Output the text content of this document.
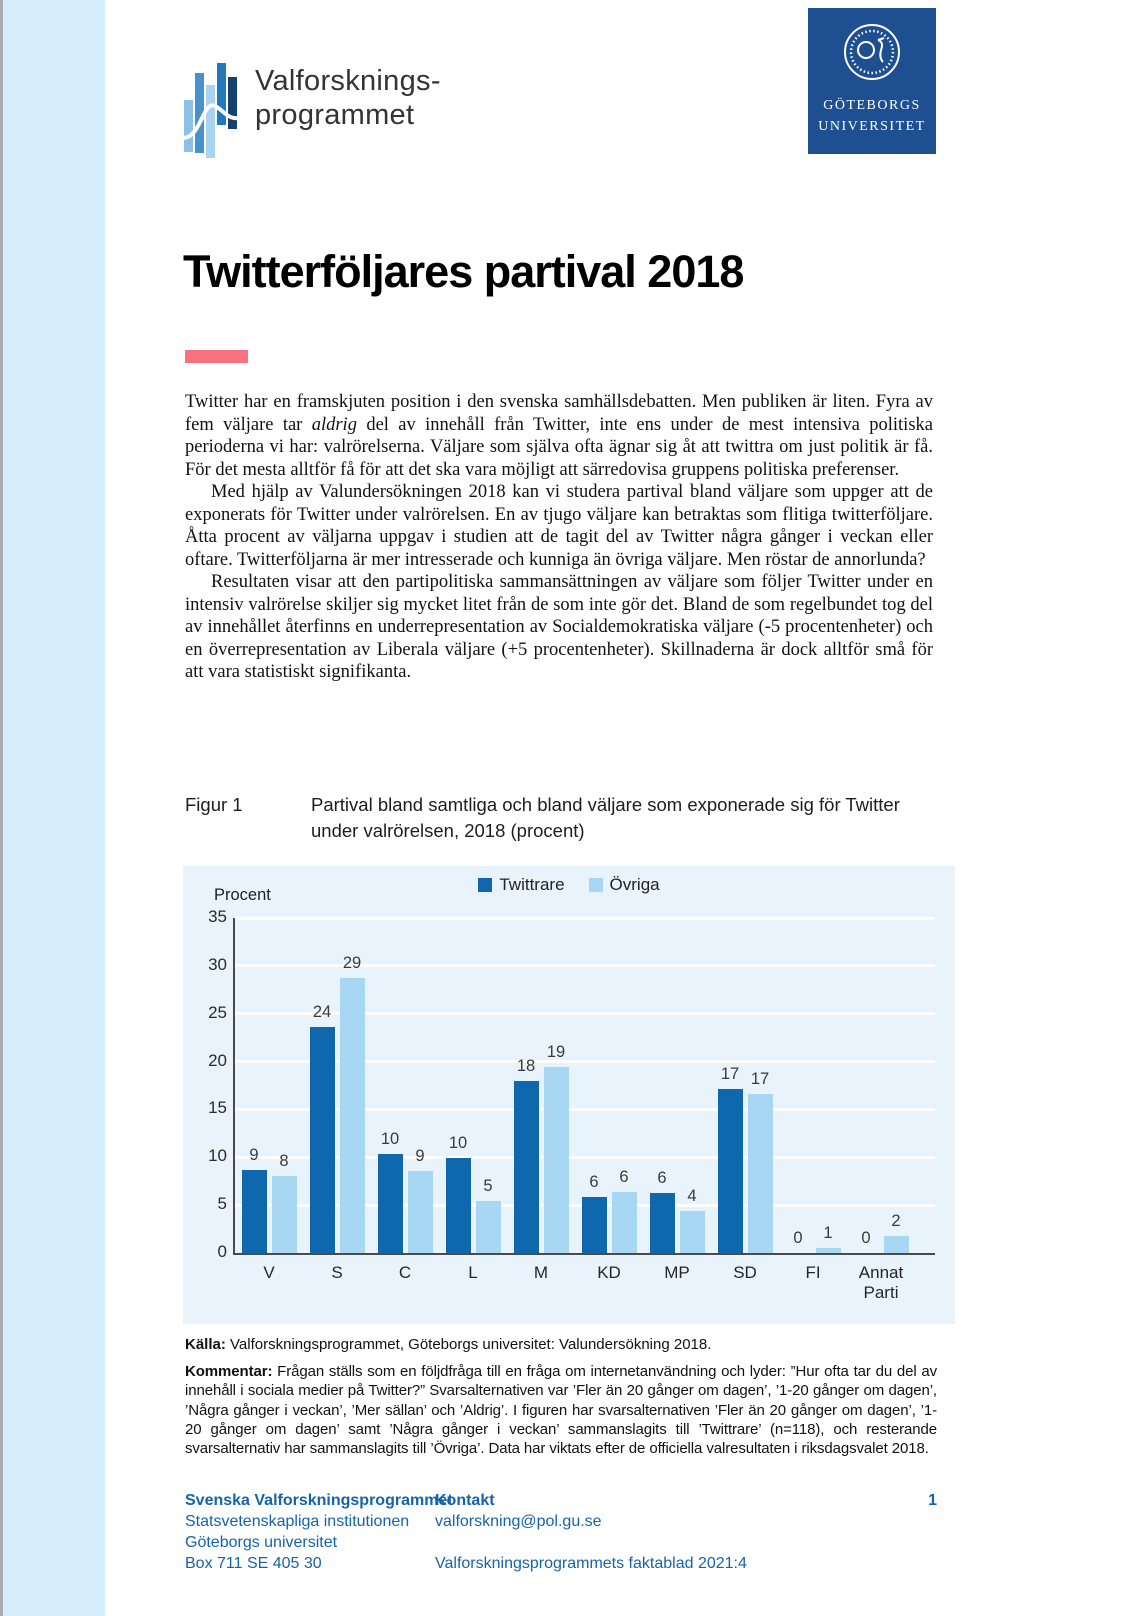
Valforsknings-
programmet	GÖTEBORGS
UNIVERSITET
Twitterföljares partival 2018

Twitter har en framskjuten position i den svenska samhällsdebatten. Men publiken är liten. Fyra av fem väljare tar aldrig del av innehåll från Twitter, inte ens under de mest intensiva politiska perioderna vi har: valrörelserna. Väljare som själva ofta ägnar sig åt att twittra om just politik är få. För det mesta alltför få för att det ska vara möjligt att särredovisa gruppens politiska preferenser.

Med hjälp av Valundersökningen 2018 kan vi studera partival bland väljare som uppger att de exponerats för Twitter under valrörelsen. En av tjugo väljare kan betraktas som flitiga twitterföljare. Åtta procent av väljarna uppgav i studien att de tagit del av Twitter några gånger i veckan eller oftare. Twitterföljarna är mer intresserade och kunniga än övriga väljare. Men röstar de annorlunda?

Resultaten visar att den partipolitiska sammansättningen av väljare som följer Twitter under en intensiv valrörelse skiljer sig mycket litet från de som inte gör det. Bland de som regelbundet tog del av innehållet återfinns en underrepresentation av Socialdemokratiska väljare (-5 procentenheter) och en överrepresentation av Liberala väljare (+5 procentenheter). Skillnaderna är dock alltför små för att vara statistiskt signifikanta.

Figur 1	Partival bland samtliga och bland väljare som exponerade sig för Twitter under valrörelsen, 2018 (procent)
Twittrare	Övriga
Procent
0
5
10
15
20
25
30
35
9 8
24
29
10
9
10
5
18
19
6 6 6
4
17 17
0 1 0
2
V	S	C	L	M	KD	MP	SD	FI	Annat Parti
Källa: Valforskningsprogrammet, Göteborgs universitet: Valundersökning 2018.
Kommentar: Frågan ställs som en följdfråga till en fråga om internetanvändning och lyder: ”Hur ofta tar du del av innehåll i sociala medier på Twitter?” Svarsalternativen var ’Fler än 20 gånger om dagen’, ’1-20 gånger om dagen’, ’Några gånger i veckan’, ’Mer sällan’ och ’Aldrig’. I figuren har svarsalternativen ’Fler än 20 gånger om dagen’, ’1-20 gånger om dagen’ samt ’Några gånger i veckan’ sammanslagits till ’Twittrare’ (n=118), och resterande svarsalternativ har sammanslagits till ’Övriga’. Data har viktats efter de officiella valresultaten i riksdagsvalet 2018.
Svenska Valforskningsprogrammet
Statsvetenskapliga institutionen
Göteborgs universitet
Box 711 SE 405 30
Kontakt
valforskning@pol.gu.se
Valforskningsprogrammets faktablad 2021:4
1
